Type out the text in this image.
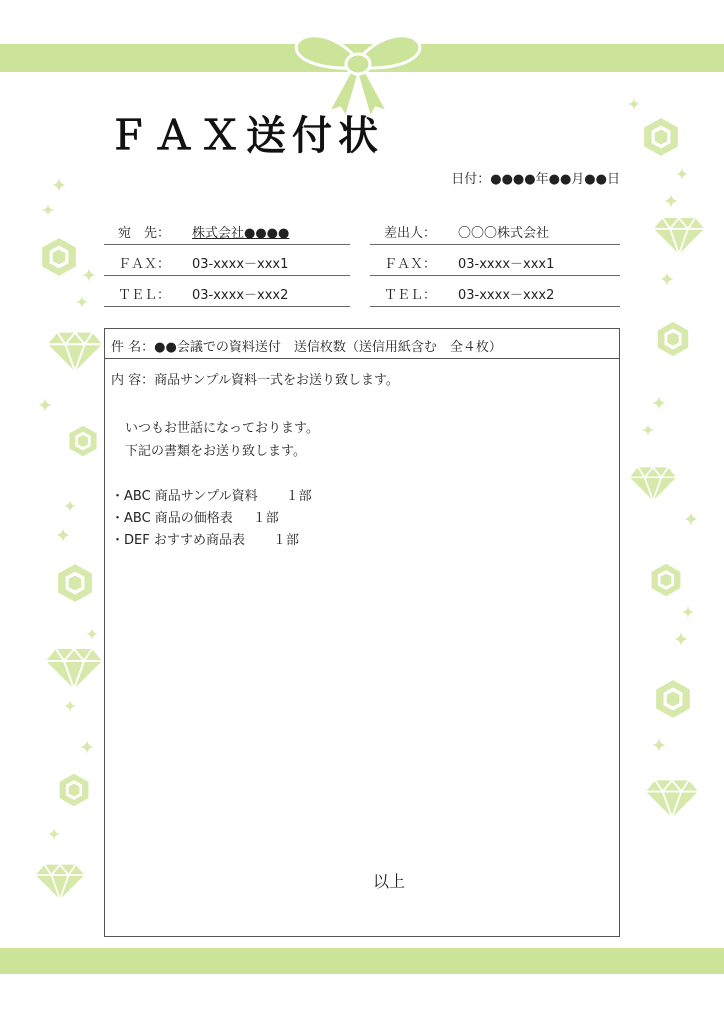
ＦＡＸ送付状
日付：●●●●年●●月●●日
宛　先： 株式会社●●●●
ＦＡＸ： 03-xxxx－xxx1
ＴＥＬ： 03-xxxx－xxx2
差出人： 〇〇〇株式会社
ＦＡＸ： 03-xxxx－xxx1
ＴＥＬ： 03-xxxx－xxx2
件 名：●●会議での資料送付　送信枚数（送信用紙含む　全４枚）
内 容：商品サンプル資料一式をお送り致します。
いつもお世話になっております。
下記の書類をお送り致します。
・ABC 商品サンプル資料 １部
・ABC 商品の価格表 １部
・DEF おすすめ商品表 １部
以上
